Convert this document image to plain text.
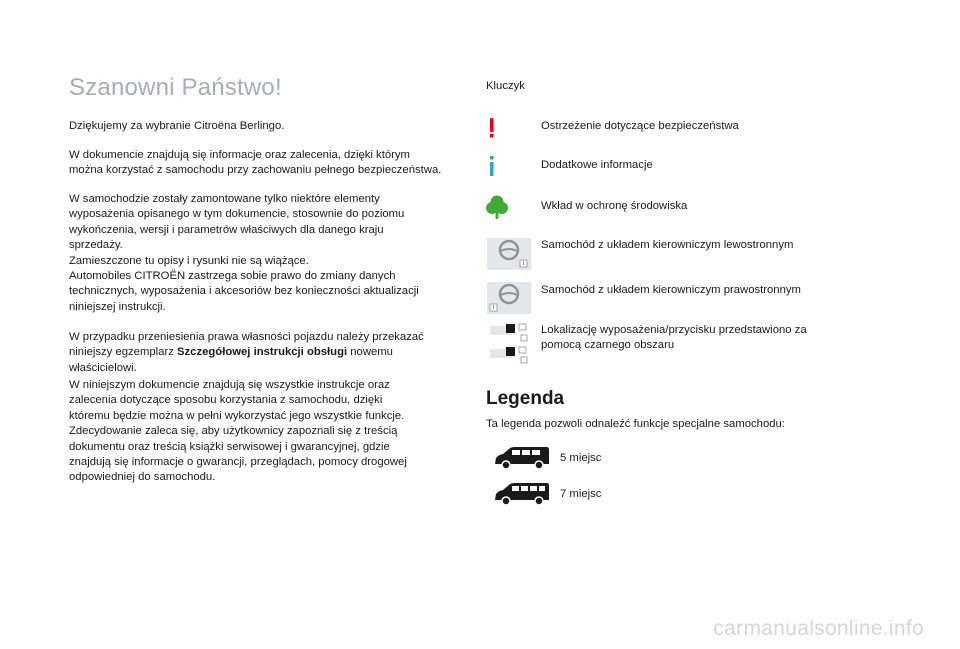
Szanowni Państwo!

Dziękujemy za wybranie Citroëna Berlingo.

W dokumencie znajdują się informacje oraz zalecenia, dzięki którym
można korzystać z samochodu przy zachowaniu pełnego bezpieczeństwa.

W samochodzie zostały zamontowane tylko niektóre elementy
wyposażenia opisanego w tym dokumencie, stosownie do poziomu
wykończenia, wersji i parametrów właściwych dla danego kraju
sprzedaży.
Zamieszczone tu opisy i rysunki nie są wiążące.
Automobiles CITROËN zastrzega sobie prawo do zmiany danych
technicznych, wyposażenia i akcesoriów bez konieczności aktualizacji
niniejszej instrukcji.

W przypadku przeniesienia prawa własności pojazdu należy przekazać
niniejszy egzemplarz Szczegółowej instrukcji obsługi nowemu
właścicielowi.

W niniejszym dokumencie znajdują się wszystkie instrukcje oraz
zalecenia dotyczące sposobu korzystania z samochodu, dzięki
któremu będzie można w pełni wykorzystać jego wszystkie funkcje.
Zdecydowanie zaleca się, aby użytkownicy zapoznali się z treścią
dokumentu oraz treścią książki serwisowej i gwarancyjnej, gdzie
znajdują się informacje o gwarancji, przeglądach, pomocy drogowej
odpowiedniej do samochodu.

Kluczyk
Ostrzeżenie dotyczące bezpieczeństwa
Dodatkowe informacje
Wkład w ochronę środowiska
Samochód z układem kierowniczym lewostronnym
Samochód z układem kierowniczym prawostronnym
Lokalizację wyposażenia/przycisku przedstawiono za
pomocą czarnego obszaru
Legenda
Ta legenda pozwoli odnaleźć funkcje specjalne samochodu:
5 miejsc
7 miejsc
carmanualsonline.info
